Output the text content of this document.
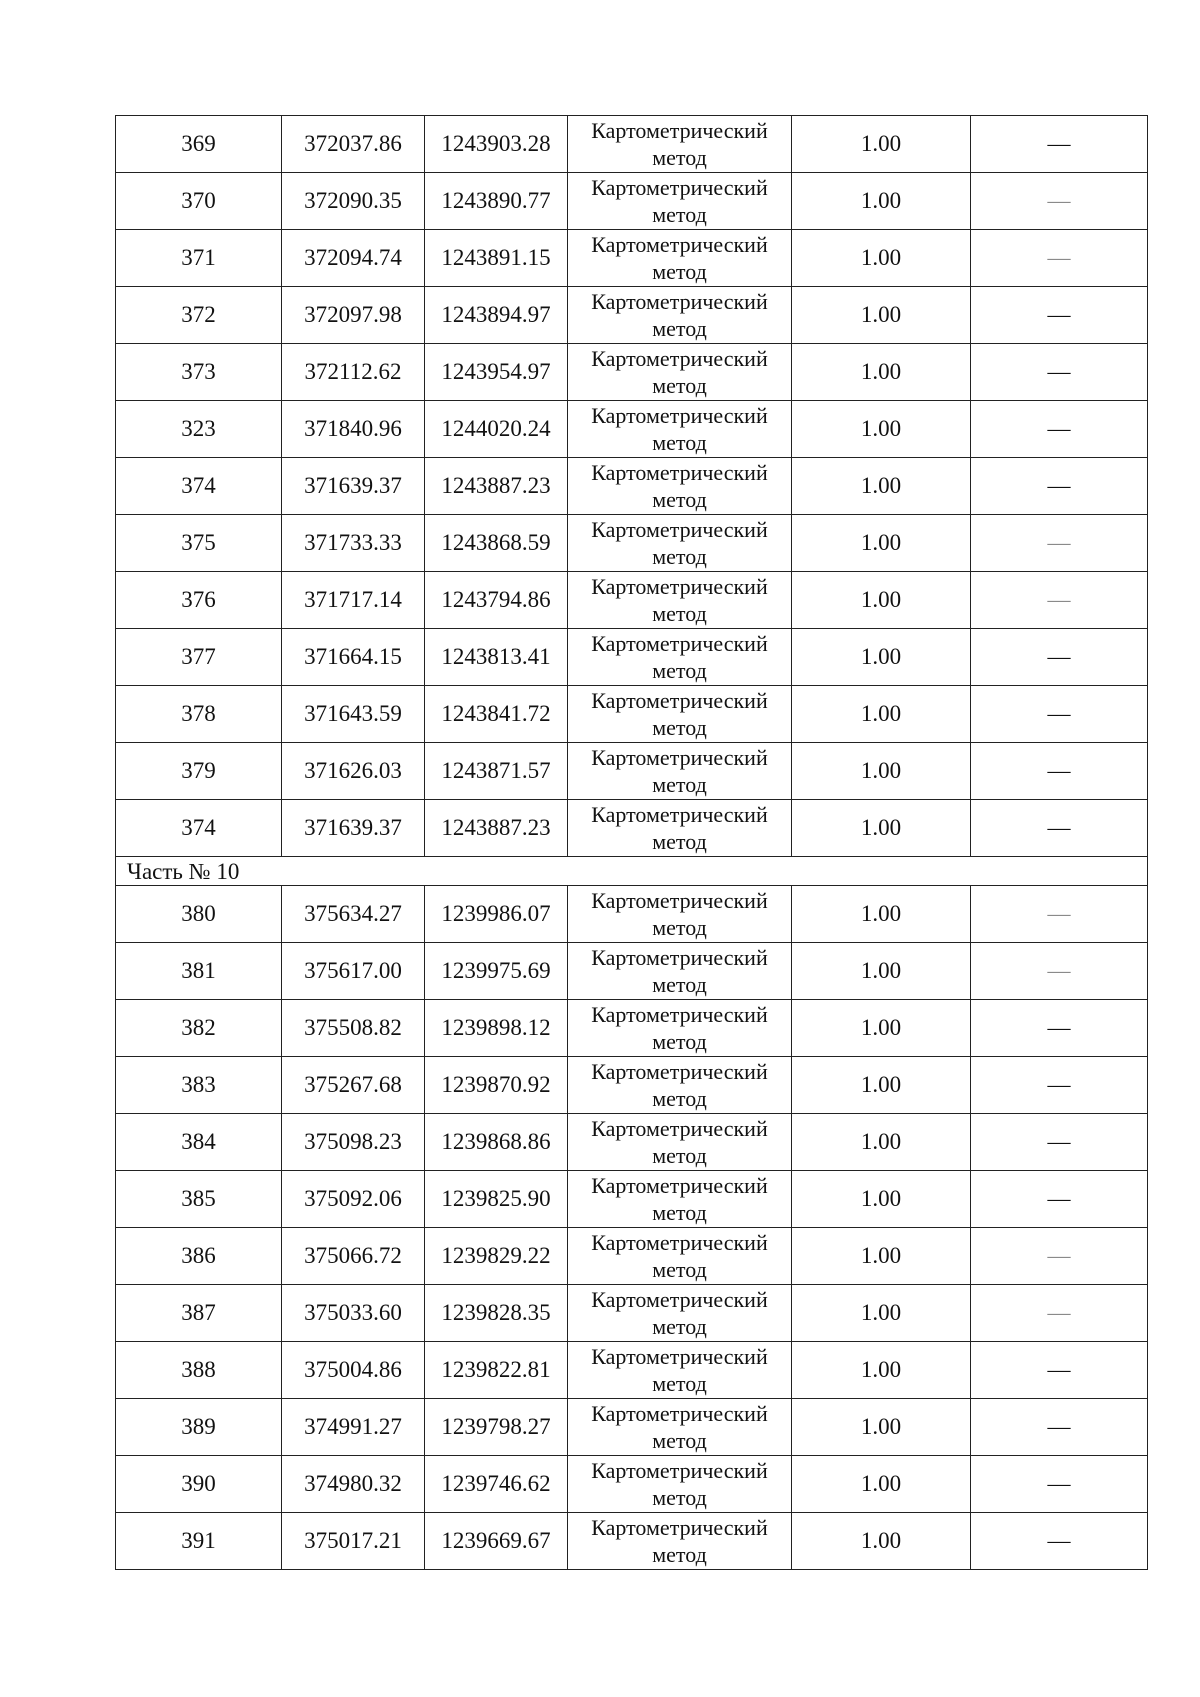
369	372037.86	1243903.28	Картометрический метод	1.00	—
370	372090.35	1243890.77	Картометрический метод	1.00	—
371	372094.74	1243891.15	Картометрический метод	1.00	—
372	372097.98	1243894.97	Картометрический метод	1.00	—
373	372112.62	1243954.97	Картометрический метод	1.00	—
323	371840.96	1244020.24	Картометрический метод	1.00	—
374	371639.37	1243887.23	Картометрический метод	1.00	—
375	371733.33	1243868.59	Картометрический метод	1.00	—
376	371717.14	1243794.86	Картометрический метод	1.00	—
377	371664.15	1243813.41	Картометрический метод	1.00	—
378	371643.59	1243841.72	Картометрический метод	1.00	—
379	371626.03	1243871.57	Картометрический метод	1.00	—
374	371639.37	1243887.23	Картометрический метод	1.00	—
Часть № 10					
380	375634.27	1239986.07	Картометрический метод	1.00	—
381	375617.00	1239975.69	Картометрический метод	1.00	—
382	375508.82	1239898.12	Картометрический метод	1.00	—
383	375267.68	1239870.92	Картометрический метод	1.00	—
384	375098.23	1239868.86	Картометрический метод	1.00	—
385	375092.06	1239825.90	Картометрический метод	1.00	—
386	375066.72	1239829.22	Картометрический метод	1.00	—
387	375033.60	1239828.35	Картометрический метод	1.00	—
388	375004.86	1239822.81	Картометрический метод	1.00	—
389	374991.27	1239798.27	Картометрический метод	1.00	—
390	374980.32	1239746.62	Картометрический метод	1.00	—
391	375017.21	1239669.67	Картометрический метод	1.00	—
